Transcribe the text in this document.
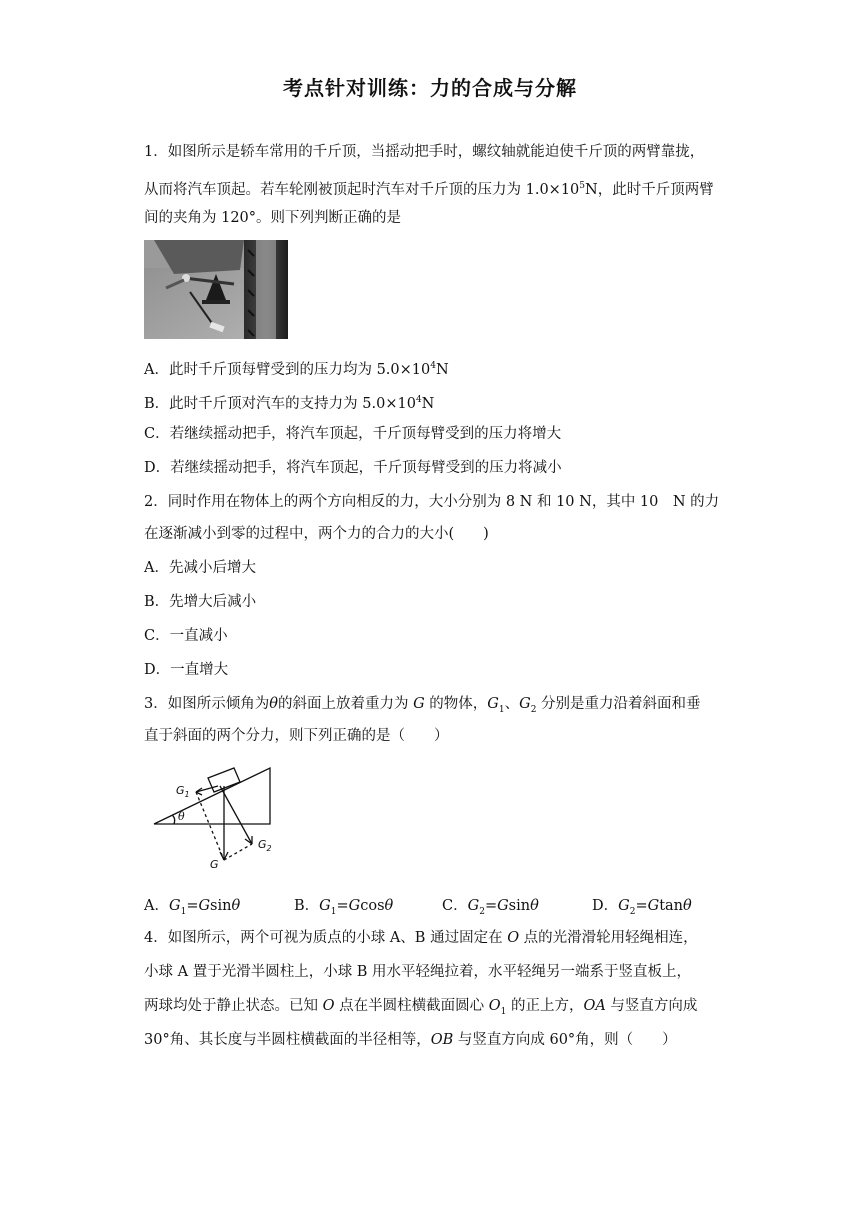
考点针对训练：力的合成与分解
1．如图所示是轿车常用的千斤顶，当摇动把手时，螺纹轴就能迫使千斤顶的两臂靠拢，
从而将汽车顶起。若车轮刚被顶起时汽车对千斤顶的压力为 $1.0\times 10^5N$，此时千斤顶两臂
间的夹角为 120°。则下列判断正确的是
A．此时千斤顶每臂受到的压力均为 $5.0\times 10^4N$
B．此时千斤顶对汽车的支持力为 $5.0\times 10^4N$
C．若继续摇动把手，将汽车顶起，千斤顶每臂受到的压力将增大
D．若继续摇动把手，将汽车顶起，千斤顶每臂受到的压力将减小
2．同时作用在物体上的两个方向相反的力，大小分别为 8 N 和 10 N，其中 10　N 的力
在逐渐减小到零的过程中，两个力的合力的大小(　　)
A．先减小后增大
B．先增大后减小
C．一直减小
D．一直增大
3．如图所示倾角为θ的斜面上放着重力为 G 的物体，$G_1$、$G_2$ 分别是重力沿着斜面和垂
直于斜面的两个分力，则下列正确的是（　　）
$G_1$
$G_2$
G
θ
A．$G_1=Gsin\theta$	B．$G_1=Gcos\theta$	C．$G_2=Gsin\theta$	D．$G_2=Gtan\theta$
4．如图所示，两个可视为质点的小球 A、B 通过固定在 O 点的光滑滑轮用轻绳相连，
小球 A 置于光滑半圆柱上，小球 B 用水平轻绳拉着，水平轻绳另一端系于竖直板上，
两球均处于静止状态。已知 O 点在半圆柱横截面圆心 $O_1$ 的正上方，OA 与竖直方向成
30°角、其长度与半圆柱横截面的半径相等，OB 与竖直方向成 60°角，则（　　）
